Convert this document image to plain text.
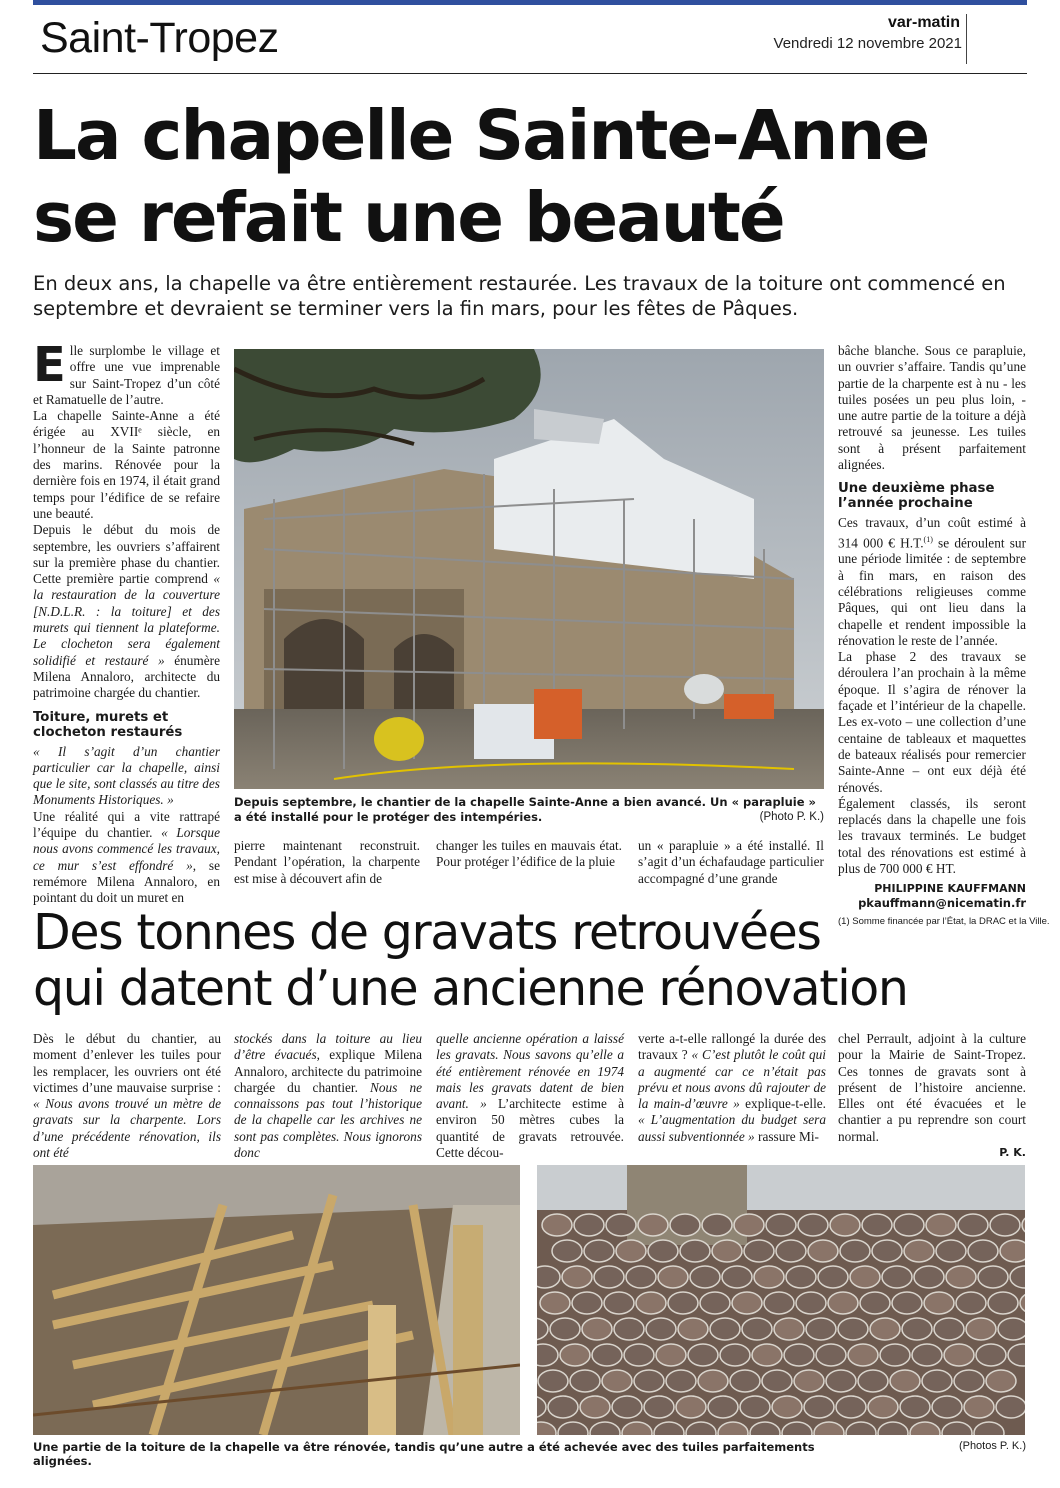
Saint-Tropez	var-matin
Vendredi 12 novembre 2021
La chapelle Sainte-Anne
se refait une beauté
En deux ans, la chapelle va être entièrement restaurée. Les travaux de la toiture ont commencé en septembre et devraient se terminer vers la fin mars, pour les fêtes de Pâques.

Elle surplombe le village et offre une vue imprenable sur Saint-Tropez d’un côté et Ramatuelle de l’autre.

La chapelle Sainte-Anne a été érigée au XVIIᵉ siècle, en l’honneur de la Sainte patronne des marins. Rénovée pour la dernière fois en 1974, il était grand temps pour l’édifice de se refaire une beauté.

Depuis le début du mois de septembre, les ouvriers s’affairent sur la première phase du chantier. Cette première partie comprend « la restauration de la couverture [N.D.L.R. : la toiture] et des murets qui tiennent la plateforme. Le clocheton sera également solidifié et restauré » énumère Milena Annaloro, architecte du patrimoine chargée du chantier.

Toiture, murets et clocheton restaurés

« Il s’agit d’un chantier particulier car la chapelle, ainsi que le site, sont classés au titre des Monuments Historiques. »

Une réalité qui a vite rattrapé l’équipe du chantier. « Lorsque nous avons commencé les travaux, ce mur s’est effondré », se remémore Milena Annaloro, en pointant du doit un muret en

Depuis septembre, le chantier de la chapelle Sainte-Anne a bien avancé. Un « parapluie » a été installé pour le protéger des intempéries.	(Photo P. K.)
pierre maintenant reconstruit. Pendant l’opération, la charpente est mise à découvert afin de
changer les tuiles en mauvais état. Pour protéger l’édifice de la pluie
un « parapluie » a été installé. Il s’agit d’un échafaudage particulier accompagné d’une grande

bâche blanche. Sous ce parapluie, un ouvrier s’affaire. Tandis qu’une partie de la charpente est à nu - les tuiles posées un peu plus loin, - une autre partie de la toiture a déjà retrouvé sa jeunesse. Les tuiles sont à présent parfaitement alignées.

Une deuxième phase l’année prochaine

Ces travaux, d’un coût estimé à 314 000 € H.T.$^{(1)}$ se déroulent sur une période limitée : de septembre à fin mars, en raison des célébrations religieuses comme Pâques, qui ont lieu dans la chapelle et rendent impossible la rénovation le reste de l’année.

La phase 2 des travaux se déroulera l’an prochain à la même époque. Il s’agira de rénover la façade et l’intérieur de la chapelle. Les ex-voto – une collection d’une centaine de tableaux et maquettes de bateaux réalisés pour remercier Sainte-Anne – ont eux déjà été rénovés.

Également classés, ils seront replacés dans la chapelle une fois les travaux terminés. Le budget total des rénovations est estimé à plus de 700 000 € HT.

PHILIPPINE KAUFFMANN
pkauffmann@nicematin.fr
(1) Somme financée par l’État, la DRAC et la Ville.
Des tonnes de gravats retrouvées
qui datent d’une ancienne rénovation
Dès le début du chantier, au moment d’enlever les tuiles pour les remplacer, les ouvriers ont été victimes d’une mauvaise surprise : « Nous avons trouvé un mètre de gravats sur la charpente. Lors d’une précédente rénovation, ils ont été
stockés dans la toiture au lieu d’être évacués, explique Milena Annaloro, architecte du patrimoine chargée du chantier. Nous ne connaissons pas tout l’historique de la chapelle car les archives ne sont pas complètes. Nous ignorons donc
quelle ancienne opération a laissé les gravats. Nous savons qu’elle a été entièrement rénovée en 1974 mais les gravats datent de bien avant. » L’architecte estime à environ 50 mètres cubes la quantité de gravats retrouvée. Cette décou-
verte a-t-elle rallongé la durée des travaux ? « C’est plutôt le coût qui a augmenté car ce n’était pas prévu et nous avons dû rajouter de la main-d’œuvre » explique-t-elle. « L’augmentation du budget sera aussi subventionnée » rassure Mi-
chel Perrault, adjoint à la culture pour la Mairie de Saint-Tropez. Ces tonnes de gravats sont à présent de l’histoire ancienne. Elles ont été évacuées et le chantier a pu reprendre son court normal.
P. K.
Une partie de la toiture de la chapelle va être rénovée, tandis qu’une autre a été achevée avec des tuiles parfaitements alignées.
(Photos P. K.)
